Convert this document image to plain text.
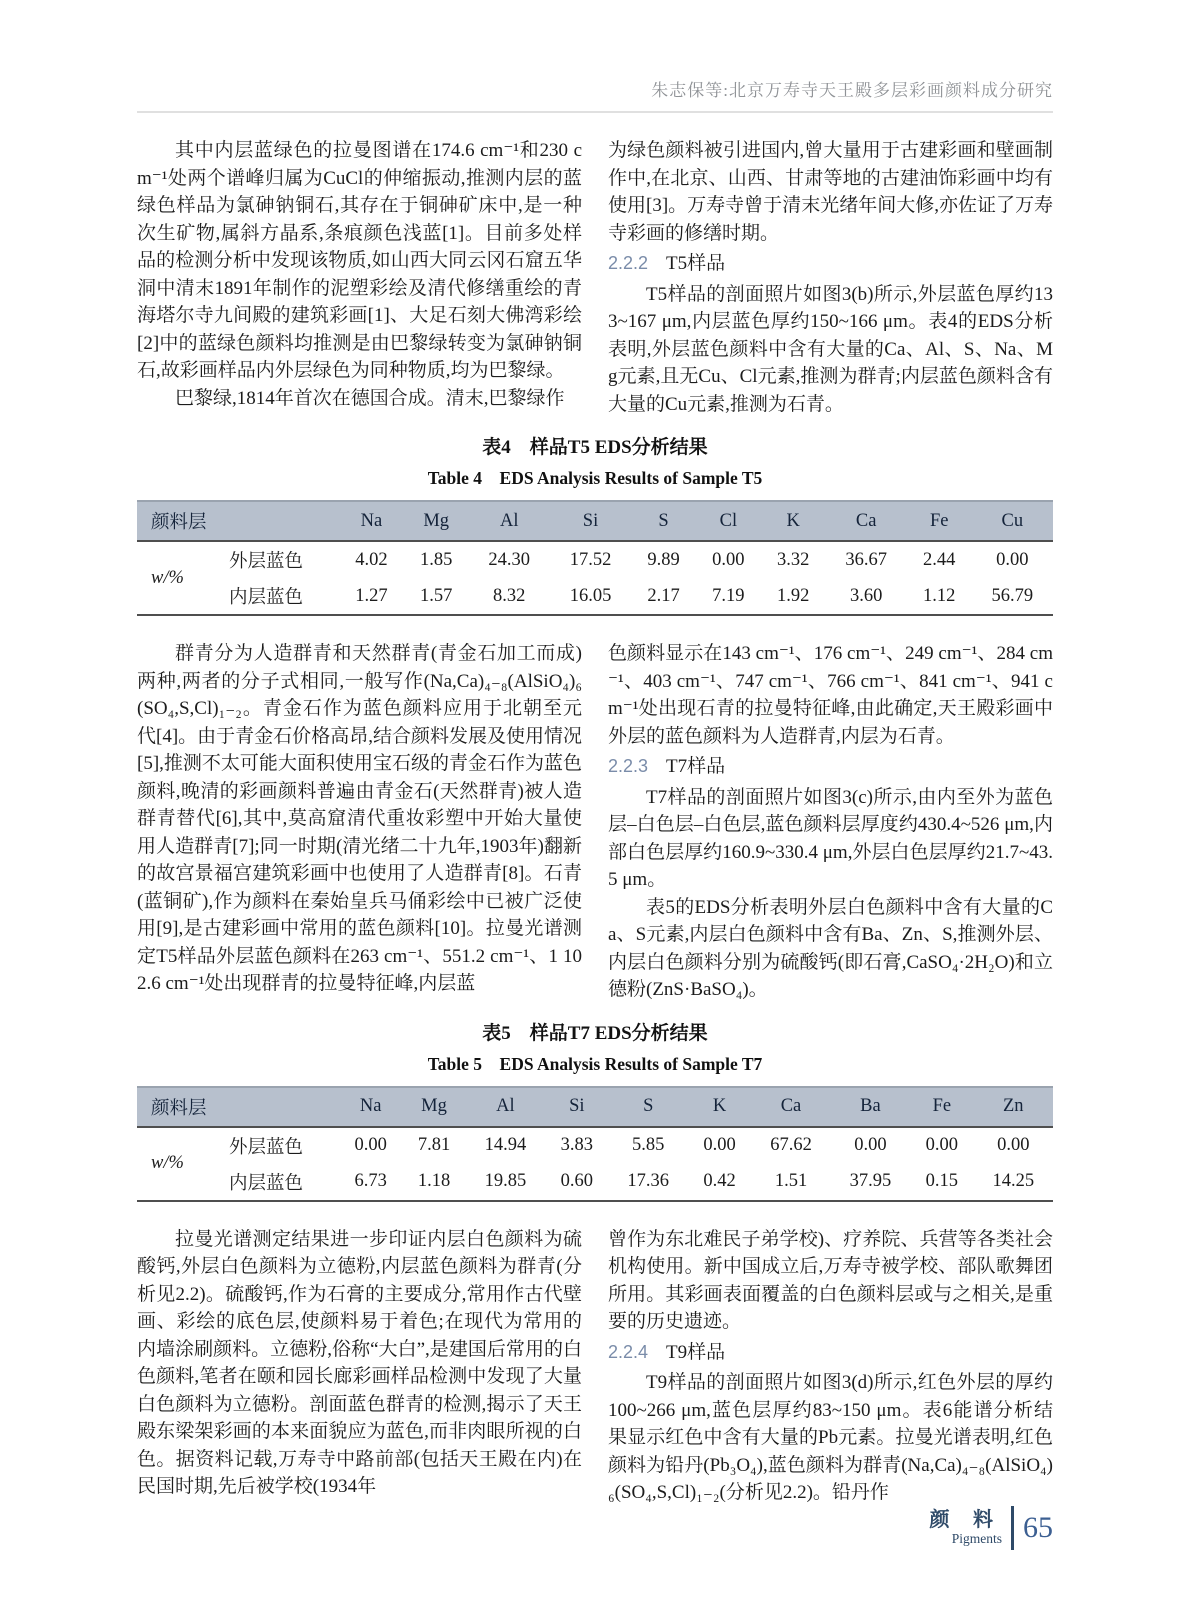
朱志保等:北京万寿寺天王殿多层彩画颜料成分研究

其中内层蓝绿色的拉曼图谱在174.6 cm⁻¹和230 cm⁻¹处两个谱峰归属为CuCl的伸缩振动,推测内层的蓝绿色样品为氯砷钠铜石,其存在于铜砷矿床中,是一种次生矿物,属斜方晶系,条痕颜色浅蓝[1]。目前多处样品的检测分析中发现该物质,如山西大同云冈石窟五华洞中清末1891年制作的泥塑彩绘及清代修缮重绘的青海塔尔寺九间殿的建筑彩画[1]、大足石刻大佛湾彩绘[2]中的蓝绿色颜料均推测是由巴黎绿转变为氯砷钠铜石,故彩画样品内外层绿色为同种物质,均为巴黎绿。

巴黎绿,1814年首次在德国合成。清末,巴黎绿作

为绿色颜料被引进国内,曾大量用于古建彩画和壁画制作中,在北京、山西、甘肃等地的古建油饰彩画中均有使用[3]。万寿寺曾于清末光绪年间大修,亦佐证了万寿寺彩画的修缮时期。

2.2.2 T5样品

T5样品的剖面照片如图3(b)所示,外层蓝色厚约133~167 μm,内层蓝色厚约150~166 μm。表4的EDS分析表明,外层蓝色颜料中含有大量的Ca、Al、S、Na、Mg元素,且无Cu、Cl元素,推测为群青;内层蓝色颜料含有大量的Cu元素,推测为石青。

表4　样品T5 EDS分析结果

Table 4　EDS Analysis Results of Sample T5

颜料层		Na	Mg	Al	Si	S	Cl	K	Ca	Fe	Cu
w/%	外层蓝色	4.02	1.85	24.30	17.52	9.89	0.00	3.32	36.67	2.44	0.00
	内层蓝色	1.27	1.57	8.32	16.05	2.17	7.19	1.92	3.60	1.12	56.79

群青分为人造群青和天然群青(青金石加工而成)两种,两者的分子式相同,一般写作(Na,Ca)₄₋₈(AlSiO₄)₆(SO₄,S,Cl)₁₋₂。青金石作为蓝色颜料应用于北朝至元代[4]。由于青金石价格高昂,结合颜料发展及使用情况[5],推测不太可能大面积使用宝石级的青金石作为蓝色颜料,晚清的彩画颜料普遍由青金石(天然群青)被人造群青替代[6],其中,莫高窟清代重妆彩塑中开始大量使用人造群青[7];同一时期(清光绪二十九年,1903年)翻新的故宫景福宫建筑彩画中也使用了人造群青[8]。石青(蓝铜矿),作为颜料在秦始皇兵马俑彩绘中已被广泛使用[9],是古建彩画中常用的蓝色颜料[10]。拉曼光谱测定T5样品外层蓝色颜料在263 cm⁻¹、551.2 cm⁻¹、1 102.6 cm⁻¹处出现群青的拉曼特征峰,内层蓝

色颜料显示在143 cm⁻¹、176 cm⁻¹、249 cm⁻¹、284 cm⁻¹、403 cm⁻¹、747 cm⁻¹、766 cm⁻¹、841 cm⁻¹、941 cm⁻¹处出现石青的拉曼特征峰,由此确定,天王殿彩画中外层的蓝色颜料为人造群青,内层为石青。

2.2.3 T7样品

T7样品的剖面照片如图3(c)所示,由内至外为蓝色层–白色层–白色层,蓝色颜料层厚度约430.4~526 μm,内部白色层厚约160.9~330.4 μm,外层白色层厚约21.7~43.5 μm。

表5的EDS分析表明外层白色颜料中含有大量的Ca、S元素,内层白色颜料中含有Ba、Zn、S,推测外层、内层白色颜料分别为硫酸钙(即石膏,CaSO₄·2H₂O)和立德粉(ZnS·BaSO₄)。

表5　样品T7 EDS分析结果

Table 5　EDS Analysis Results of Sample T7

颜料层		Na	Mg	Al	Si	S	K	Ca	Ba	Fe	Zn
w/%	外层蓝色	0.00	7.81	14.94	3.83	5.85	0.00	67.62	0.00	0.00	0.00
	内层蓝色	6.73	1.18	19.85	0.60	17.36	0.42	1.51	37.95	0.15	14.25

拉曼光谱测定结果进一步印证内层白色颜料为硫酸钙,外层白色颜料为立德粉,内层蓝色颜料为群青(分析见2.2)。硫酸钙,作为石膏的主要成分,常用作古代壁画、彩绘的底色层,使颜料易于着色;在现代为常用的内墙涂刷颜料。立德粉,俗称“大白”,是建国后常用的白色颜料,笔者在颐和园长廊彩画样品检测中发现了大量白色颜料为立德粉。剖面蓝色群青的检测,揭示了天王殿东梁架彩画的本来面貌应为蓝色,而非肉眼所视的白色。据资料记载,万寿寺中路前部(包括天王殿在内)在民国时期,先后被学校(1934年

曾作为东北难民子弟学校)、疗养院、兵营等各类社会机构使用。新中国成立后,万寿寺被学校、部队歌舞团所用。其彩画表面覆盖的白色颜料层或与之相关,是重要的历史遗迹。

2.2.4 T9样品

T9样品的剖面照片如图3(d)所示,红色外层的厚约100~266 μm,蓝色层厚约83~150 μm。表6能谱分析结果显示红色中含有大量的Pb元素。拉曼光谱表明,红色颜料为铅丹(Pb₃O₄),蓝色颜料为群青(Na,Ca)₄₋₈(AlSiO₄)₆(SO₄,S,Cl)₁₋₂(分析见2.2)。铅丹作

颜 料
Pigments 65
